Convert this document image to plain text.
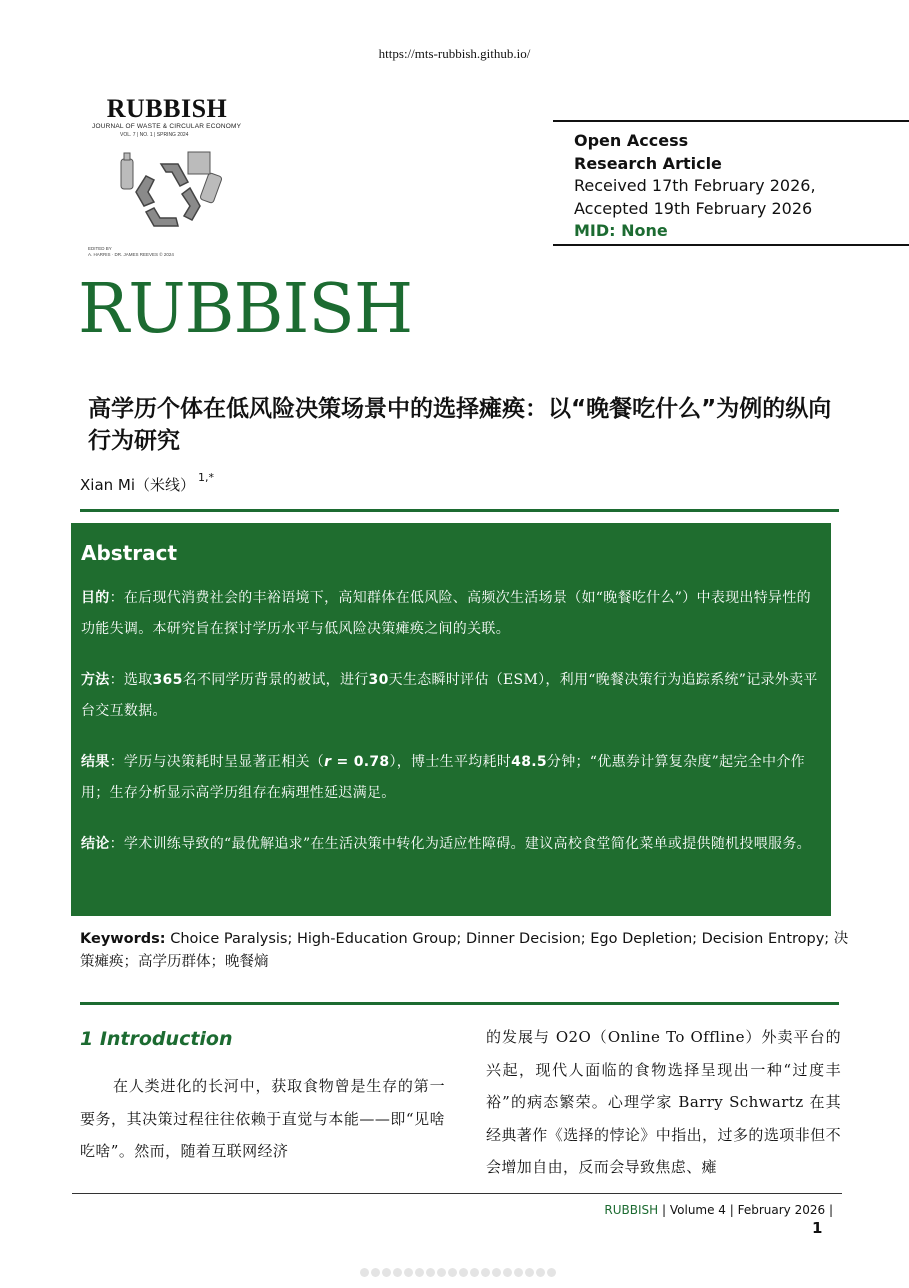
https://mts-rubbish.github.io/
RUBBISH
JOURNAL OF WASTE & CIRCULAR ECONOMY
VOL. 7 | NO. 1 | SPRING 2024
EDITED BY
A. HARRIS · DR. JAMES REEVES © 2024
Open Access
Research Article
Received 17th February 2026,
Accepted 19th February 2026
MID: None
RUBBISH
高学历个体在低风险决策场景中的选择瘫痪：以“晚餐吃什么”为例的纵向行为研究
Xian Mi（米线） $^{1,*}$
Abstract

目的：在后现代消费社会的丰裕语境下，高知群体在低风险、高频次生活场景（如“晚餐吃什么”）中表现出特异性的功能失调。本研究旨在探讨学历水平与低风险决策瘫痪之间的关联。

方法：选取365名不同学历背景的被试，进行30天生态瞬时评估（ESM），利用“晚餐决策行为追踪系统”记录外卖平台交互数据。

结果：学历与决策耗时呈显著正相关（r = 0.78），博士生平均耗时48.5分钟；“优惠券计算复杂度”起完全中介作用；生存分析显示高学历组存在病理性延迟满足。

结论：学术训练导致的“最优解追求”在生活决策中转化为适应性障碍。建议高校食堂简化菜单或提供随机投喂服务。

Keywords: Choice Paralysis; High-Education Group; Dinner Decision; Ego Depletion; Decision Entropy; 决策瘫痪；高学历群体；晚餐熵
1 Introduction
在人类进化的长河中，获取食物曾是生存的第一要务，其决策过程往往依赖于直觉与本能——即“见啥吃啥”。然而，随着互联网经济
的发展与 O2O（Online To Offline）外卖平台的兴起，现代人面临的食物选择呈现出一种“过度丰裕”的病态繁荣。心理学家 Barry Schwartz 在其经典著作《选择的悖论》中指出，过多的选项非但不会增加自由，反而会导致焦虑、瘫
RUBBISH | Volume 4 | February 2026 |
1
